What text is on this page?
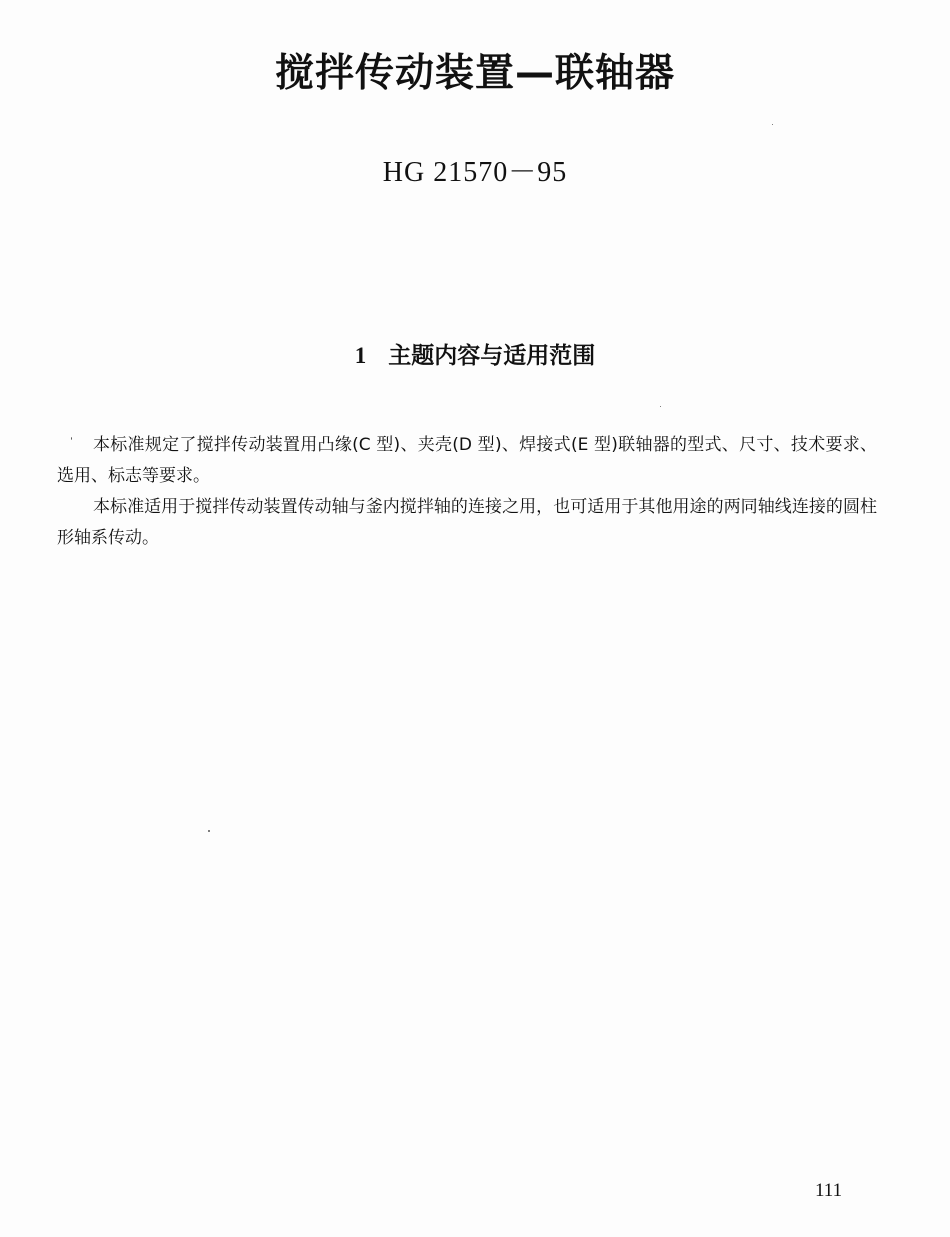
搅拌传动装置—联轴器
HG 21570－95
1 主题内容与适用范围

本标准规定了搅拌传动装置用凸缘(C 型)、夹壳(D 型)、焊接式(E 型)联轴器的型式、尺寸、技术要求、选用、标志等要求。

本标准适用于搅拌传动装置传动轴与釜内搅拌轴的连接之用，也可适用于其他用途的两同轴线连接的圆柱形轴系传动。

111
